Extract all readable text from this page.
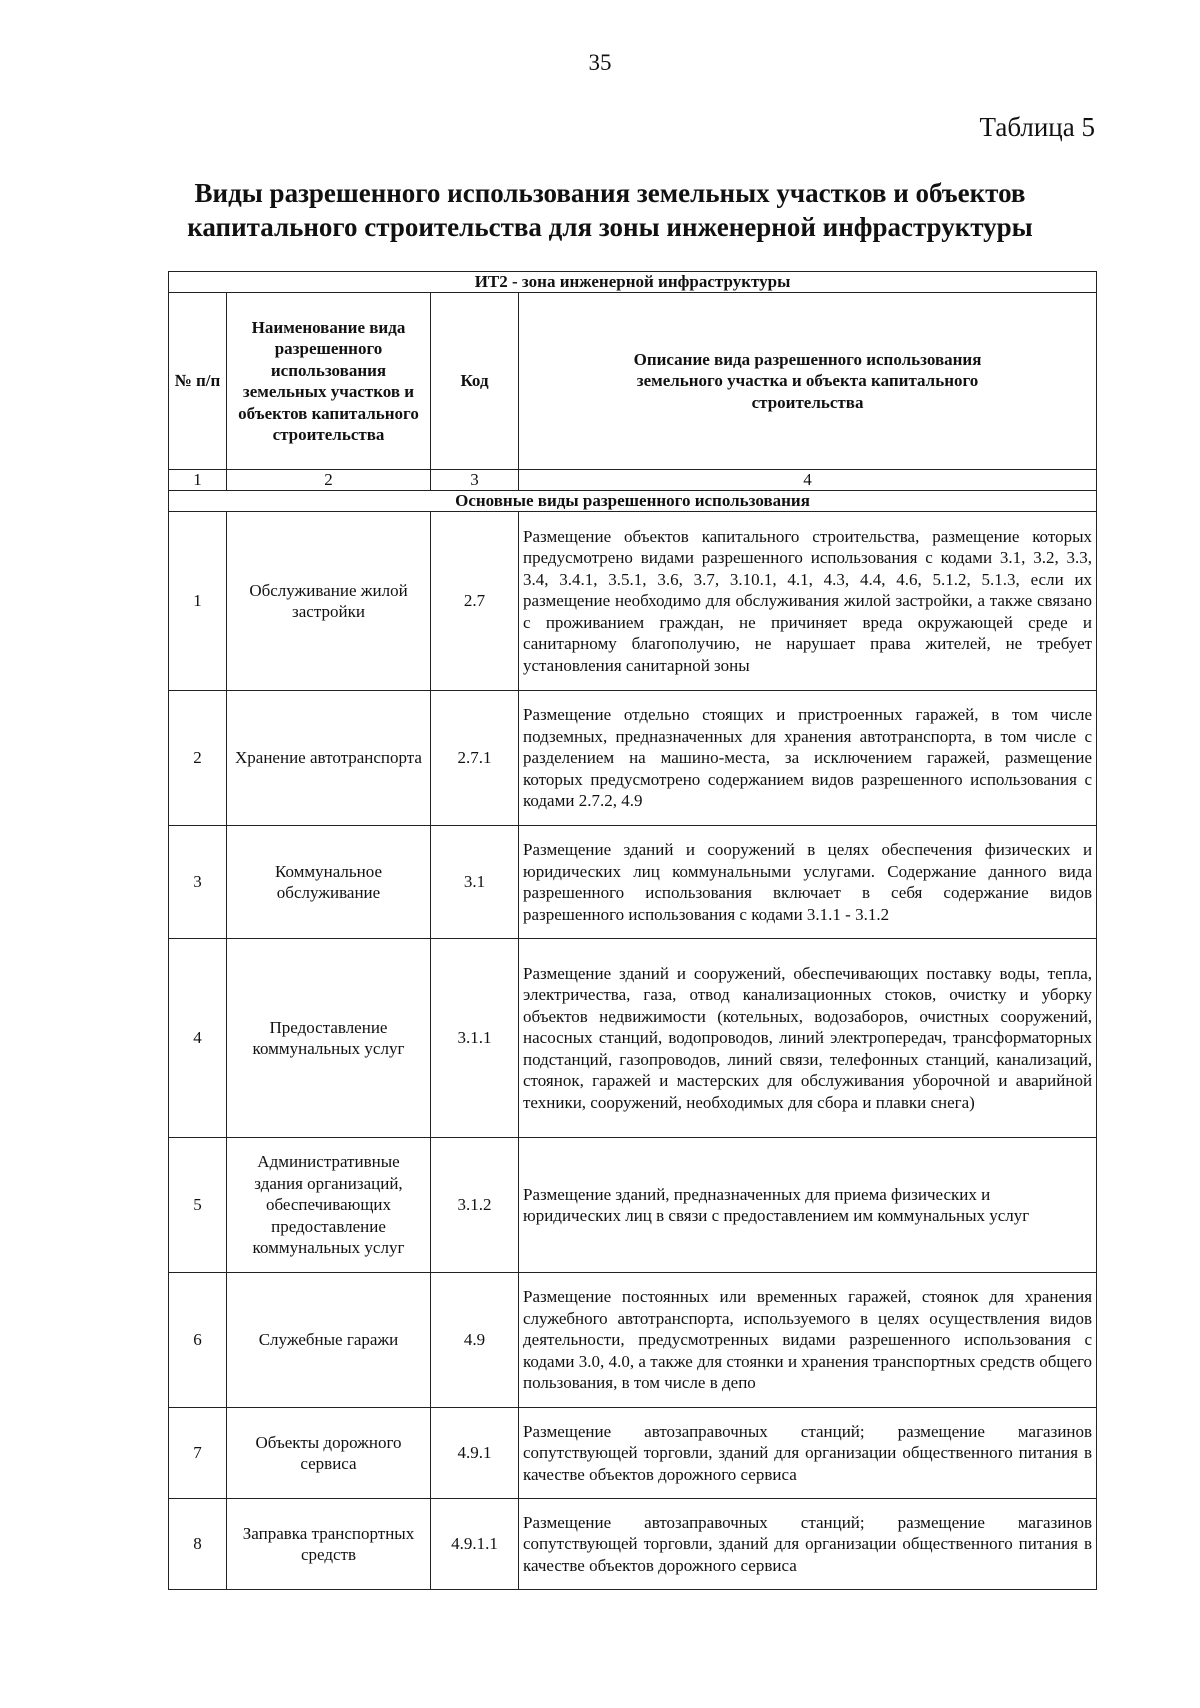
35
Таблица 5
Виды разрешенного использования земельных участков и объектов капитального строительства для зоны инженерной инфраструктуры
ИТ2 - зона инженерной инфраструктуры			
№ п/п	Наименование вида разрешенного использования земельных участков и объектов капитального строительства	Код	Описание вида разрешенного использования земельного участка и объекта капитального строительства
1	2	3	4
Основные виды разрешенного использования			
1	Обслуживание жилой застройки	2.7	Размещение объектов капитального строительства, размещение которых предусмотрено видами разрешенного использования с кодами 3.1, 3.2, 3.3, 3.4, 3.4.1, 3.5.1, 3.6, 3.7, 3.10.1, 4.1, 4.3, 4.4, 4.6, 5.1.2, 5.1.3, если их размещение необходимо для обслуживания жилой застройки, а также связано с проживанием граждан, не причиняет вреда окружающей среде и санитарному благополучию, не нарушает права жителей, не требует установления санитарной зоны
2	Хранение автотранспорта	2.7.1	Размещение отдельно стоящих и пристроенных гаражей, в том числе подземных, предназначенных для хранения автотранспорта, в том числе с разделением на машино-места, за исключением гаражей, размещение которых предусмотрено содержанием видов разрешенного использования с кодами 2.7.2, 4.9
3	Коммунальное обслуживание	3.1	Размещение зданий и сооружений в целях обеспечения физических и юридических лиц коммунальными услугами. Содержание данного вида разрешенного использования включает в себя содержание видов разрешенного использования с кодами 3.1.1 - 3.1.2
4	Предоставление коммунальных услуг	3.1.1	Размещение зданий и сооружений, обеспечивающих поставку воды, тепла, электричества, газа, отвод канализационных стоков, очистку и уборку объектов недвижимости (котельных, водозаборов, очистных сооружений, насосных станций, водопроводов, линий электропередач, трансформаторных подстанций, газопроводов, линий связи, телефонных станций, канализаций, стоянок, гаражей и мастерских для обслуживания уборочной и аварийной техники, сооружений, необходимых для сбора и плавки снега)
5	Административные здания организаций, обеспечивающих предоставление коммунальных услуг	3.1.2	Размещение зданий, предназначенных для приема физических и юридических лиц в связи с предоставлением им коммунальных услуг
6	Служебные гаражи	4.9	Размещение постоянных или временных гаражей, стоянок для хранения служебного автотранспорта, используемого в целях осуществления видов деятельности, предусмотренных видами разрешенного использования с кодами 3.0, 4.0, а также для стоянки и хранения транспортных средств общего пользования, в том числе в депо
7	Объекты дорожного сервиса	4.9.1	Размещение автозаправочных станций; размещение магазинов сопутствующей торговли, зданий для организации общественного питания в качестве объектов дорожного сервиса
8	Заправка транспортных средств	4.9.1.1	Размещение автозаправочных станций; размещение магазинов сопутствующей торговли, зданий для организации общественного питания в качестве объектов дорожного сервиса
